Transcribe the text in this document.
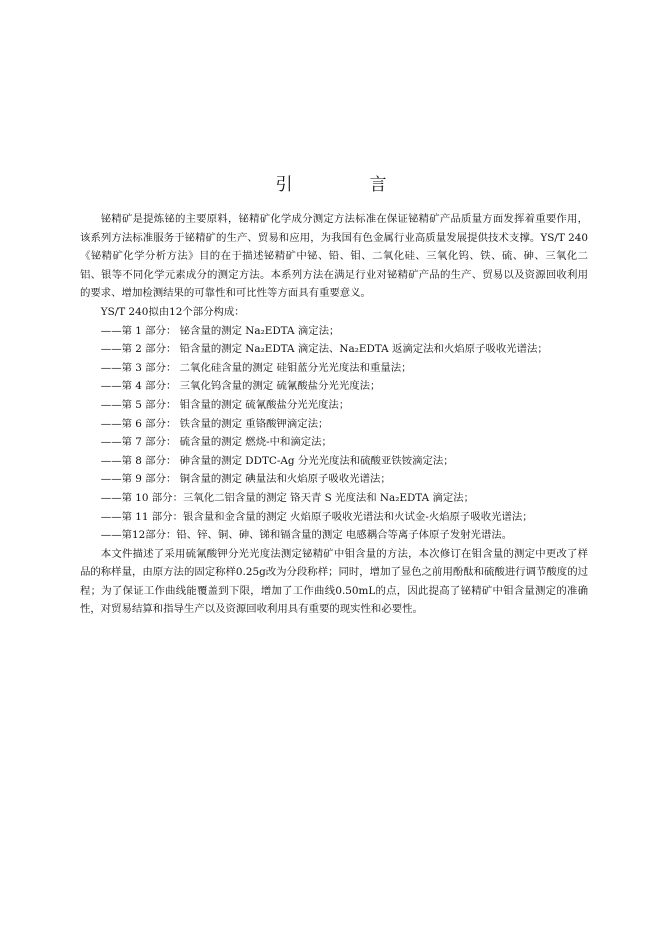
引　言

铋精矿是提炼铋的主要原料，铋精矿化学成分测定方法标准在保证铋精矿产品质量方面发挥着重要作用，该系列方法标准服务于铋精矿的生产、贸易和应用，为我国有色金属行业高质量发展提供技术支撑。YS/T 240《铋精矿化学分析方法》目的在于描述铋精矿中铋、铅、钼、二氧化硅、三氧化钨、铁、硫、砷、三氧化二铝、银等不同化学元素成分的测定方法。本系列方法在满足行业对铋精矿产品的生产、贸易以及资源回收利用的要求、增加检测结果的可靠性和可比性等方面具有重要意义。

YS/T 240拟由12个部分构成：

——第 1 部分： 铋含量的测定 Na₂EDTA 滴定法；
——第 2 部分： 铅含量的测定 Na₂EDTA 滴定法、Na₂EDTA 返滴定法和火焰原子吸收光谱法；
——第 3 部分： 二氧化硅含量的测定 硅钼蓝分光光度法和重量法；
——第 4 部分： 三氧化钨含量的测定 硫氰酸盐分光光度法；
——第 5 部分： 钼含量的测定 硫氰酸盐分光光度法；
——第 6 部分： 铁含量的测定 重铬酸钾滴定法；
——第 7 部分： 硫含量的测定 燃烧-中和滴定法；
——第 8 部分： 砷含量的测定 DDTC-Ag 分光光度法和硫酸亚铁铵滴定法；
——第 9 部分： 铜含量的测定 碘量法和火焰原子吸收光谱法；
——第 10 部分：三氧化二铝含量的测定 铬天青 S 光度法和 Na₂EDTA 滴定法；
——第 11 部分：银含量和金含量的测定 火焰原子吸收光谱法和火试金-火焰原子吸收光谱法；
——第12部分：铅、锌、铜、砷、锑和镉含量的测定 电感耦合等离子体原子发射光谱法。

本文件描述了采用硫氰酸钾分光光度法测定铋精矿中钼含量的方法，本次修订在钼含量的测定中更改了样品的称样量，由原方法的固定称样0.25g改为分段称样；同时，增加了显色之前用酚酞和硫酸进行调节酸度的过程；为了保证工作曲线能覆盖到下限，增加了工作曲线0.50mL的点，因此提高了铋精矿中钼含量测定的准确性，对贸易结算和指导生产以及资源回收利用具有重要的现实性和必要性。
